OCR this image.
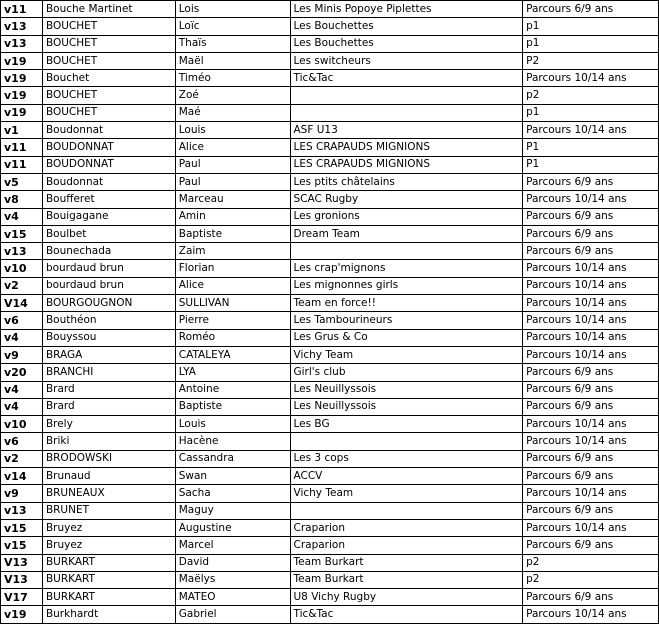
v11	Bouche Martinet	Lois	Les Minis Popoye Piplettes	Parcours 6/9 ans
v13	BOUCHET	Loïc	Les Bouchettes	p1
v13	BOUCHET	Thaïs	Les Bouchettes	p1
v19	BOUCHET	Maël	Les switcheurs	P2
v19	Bouchet	Timéo	Tic&Tac	Parcours 10/14 ans
v19	BOUCHET	Zoé		p2
v19	BOUCHET	Maé		p1
v1	Boudonnat	Louis	ASF U13	Parcours 10/14 ans
v11	BOUDONNAT	Alice	LES CRAPAUDS MIGNIONS	P1
v11	BOUDONNAT	Paul	LES CRAPAUDS MIGNIONS	P1
v5	Boudonnat	Paul	Les ptits châtelains	Parcours 6/9 ans
v8	Boufferet	Marceau	SCAC Rugby	Parcours 10/14 ans
v4	Bouigagane	Amin	Les gronions	Parcours 6/9 ans
v15	Boulbet	Baptiste	Dream Team	Parcours 6/9 ans
v13	Bounechada	Zaim		Parcours 6/9 ans
v10	bourdaud brun	Florian	Les crap'mignons	Parcours 10/14 ans
v2	bourdaud brun	Alice	Les mignonnes girls	Parcours 10/14 ans
V14	BOURGOUGNON	SULLIVAN	Team en force!!	Parcours 10/14 ans
v6	Bouthéon	Pierre	Les Tambourineurs	Parcours 10/14 ans
v4	Bouyssou	Roméo	Les Grus & Co	Parcours 10/14 ans
v9	BRAGA	CATALEYA	Vichy Team	Parcours 10/14 ans
v20	BRANCHI	LYA	Girl's club	Parcours 6/9 ans
v4	Brard	Antoine	Les Neuillyssois	Parcours 6/9 ans
v4	Brard	Baptiste	Les Neuillyssois	Parcours 6/9 ans
v10	Brely	Louis	Les BG	Parcours 10/14 ans
v6	Briki	Hacène		Parcours 10/14 ans
v2	BRODOWSKI	Cassandra	Les 3 cops	Parcours 6/9 ans
v14	Brunaud	Swan	ACCV	Parcours 6/9 ans
v9	BRUNEAUX	Sacha	Vichy Team	Parcours 10/14 ans
v13	BRUNET	Maguy		Parcours 6/9 ans
v15	Bruyez	Augustine	Craparion	Parcours 10/14 ans
v15	Bruyez	Marcel	Craparion	Parcours 6/9 ans
V13	BURKART	David	Team Burkart	p2
V13	BURKART	Maëlys	Team Burkart	p2
V17	BURKART	MATEO	U8 Vichy Rugby	Parcours 6/9 ans
v19	Burkhardt	Gabriel	Tic&Tac	Parcours 10/14 ans
